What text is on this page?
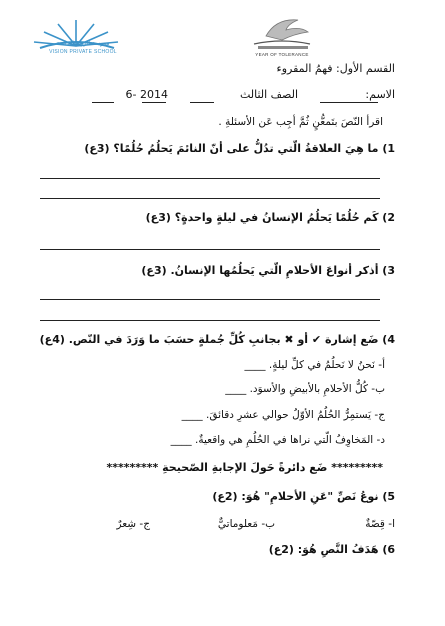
مدرسة الرؤية الخاصة
VISION PRIVATE SCHOOL	YEAR OF TOLERANCE
القسم الأول: فهمُ المقروء
الاسم:
الصف الثالث
2014 -6
اقرأ النّصَ بتَمعُّنٍ ثُمَّ أجِب عَن الأسئلةِ .
1) ما هِيَ العلاقةُ الّتي تدُلُّ على أنّ النائمَ يَحلُمُ حُلُمًا؟ (3ع)
2) كَم حُلُمًا يَحلُمُ الإنسانُ في ليلةٍ واحدةٍ؟ (3ع)
3) أذكر أنواعَ الأحلامِ الّتي يَحلُمُها الإنسانُ. (3ع)
4) ضَع إشارة ✔ أو ✖ بجانبِ كُلِّ جُملةٍ حسَبَ ما وَرَدَ في النّص. (4ع)
أ- نَحنُ لا نَحلُمُ في كلِّ ليلةٍ. ____
ب- كُلُّ الأحلامِ بالأبيضِ والأسوَد. ____
ج- يَستمِرُّ الحُلُمُ الأوّلُ حوالي عشرِ دقائقَ. ____
د- المَخاوِفُ الّتي نراها في الحُلُمِ هي واقعيةٌ. ____
********* ضَع دائرةً حَولَ الإجابةِ الصّحيحةِ *********
5) نوعُ نَصِّ "عَنِ الأحلامِ" هُوَ: (2ع)
ا- قِصّةٌ
ب- مَعلوماتيٌّ
ج- شِعرٌ
6) هَدَفُ النَّصِ هُوَ: (2ع)
